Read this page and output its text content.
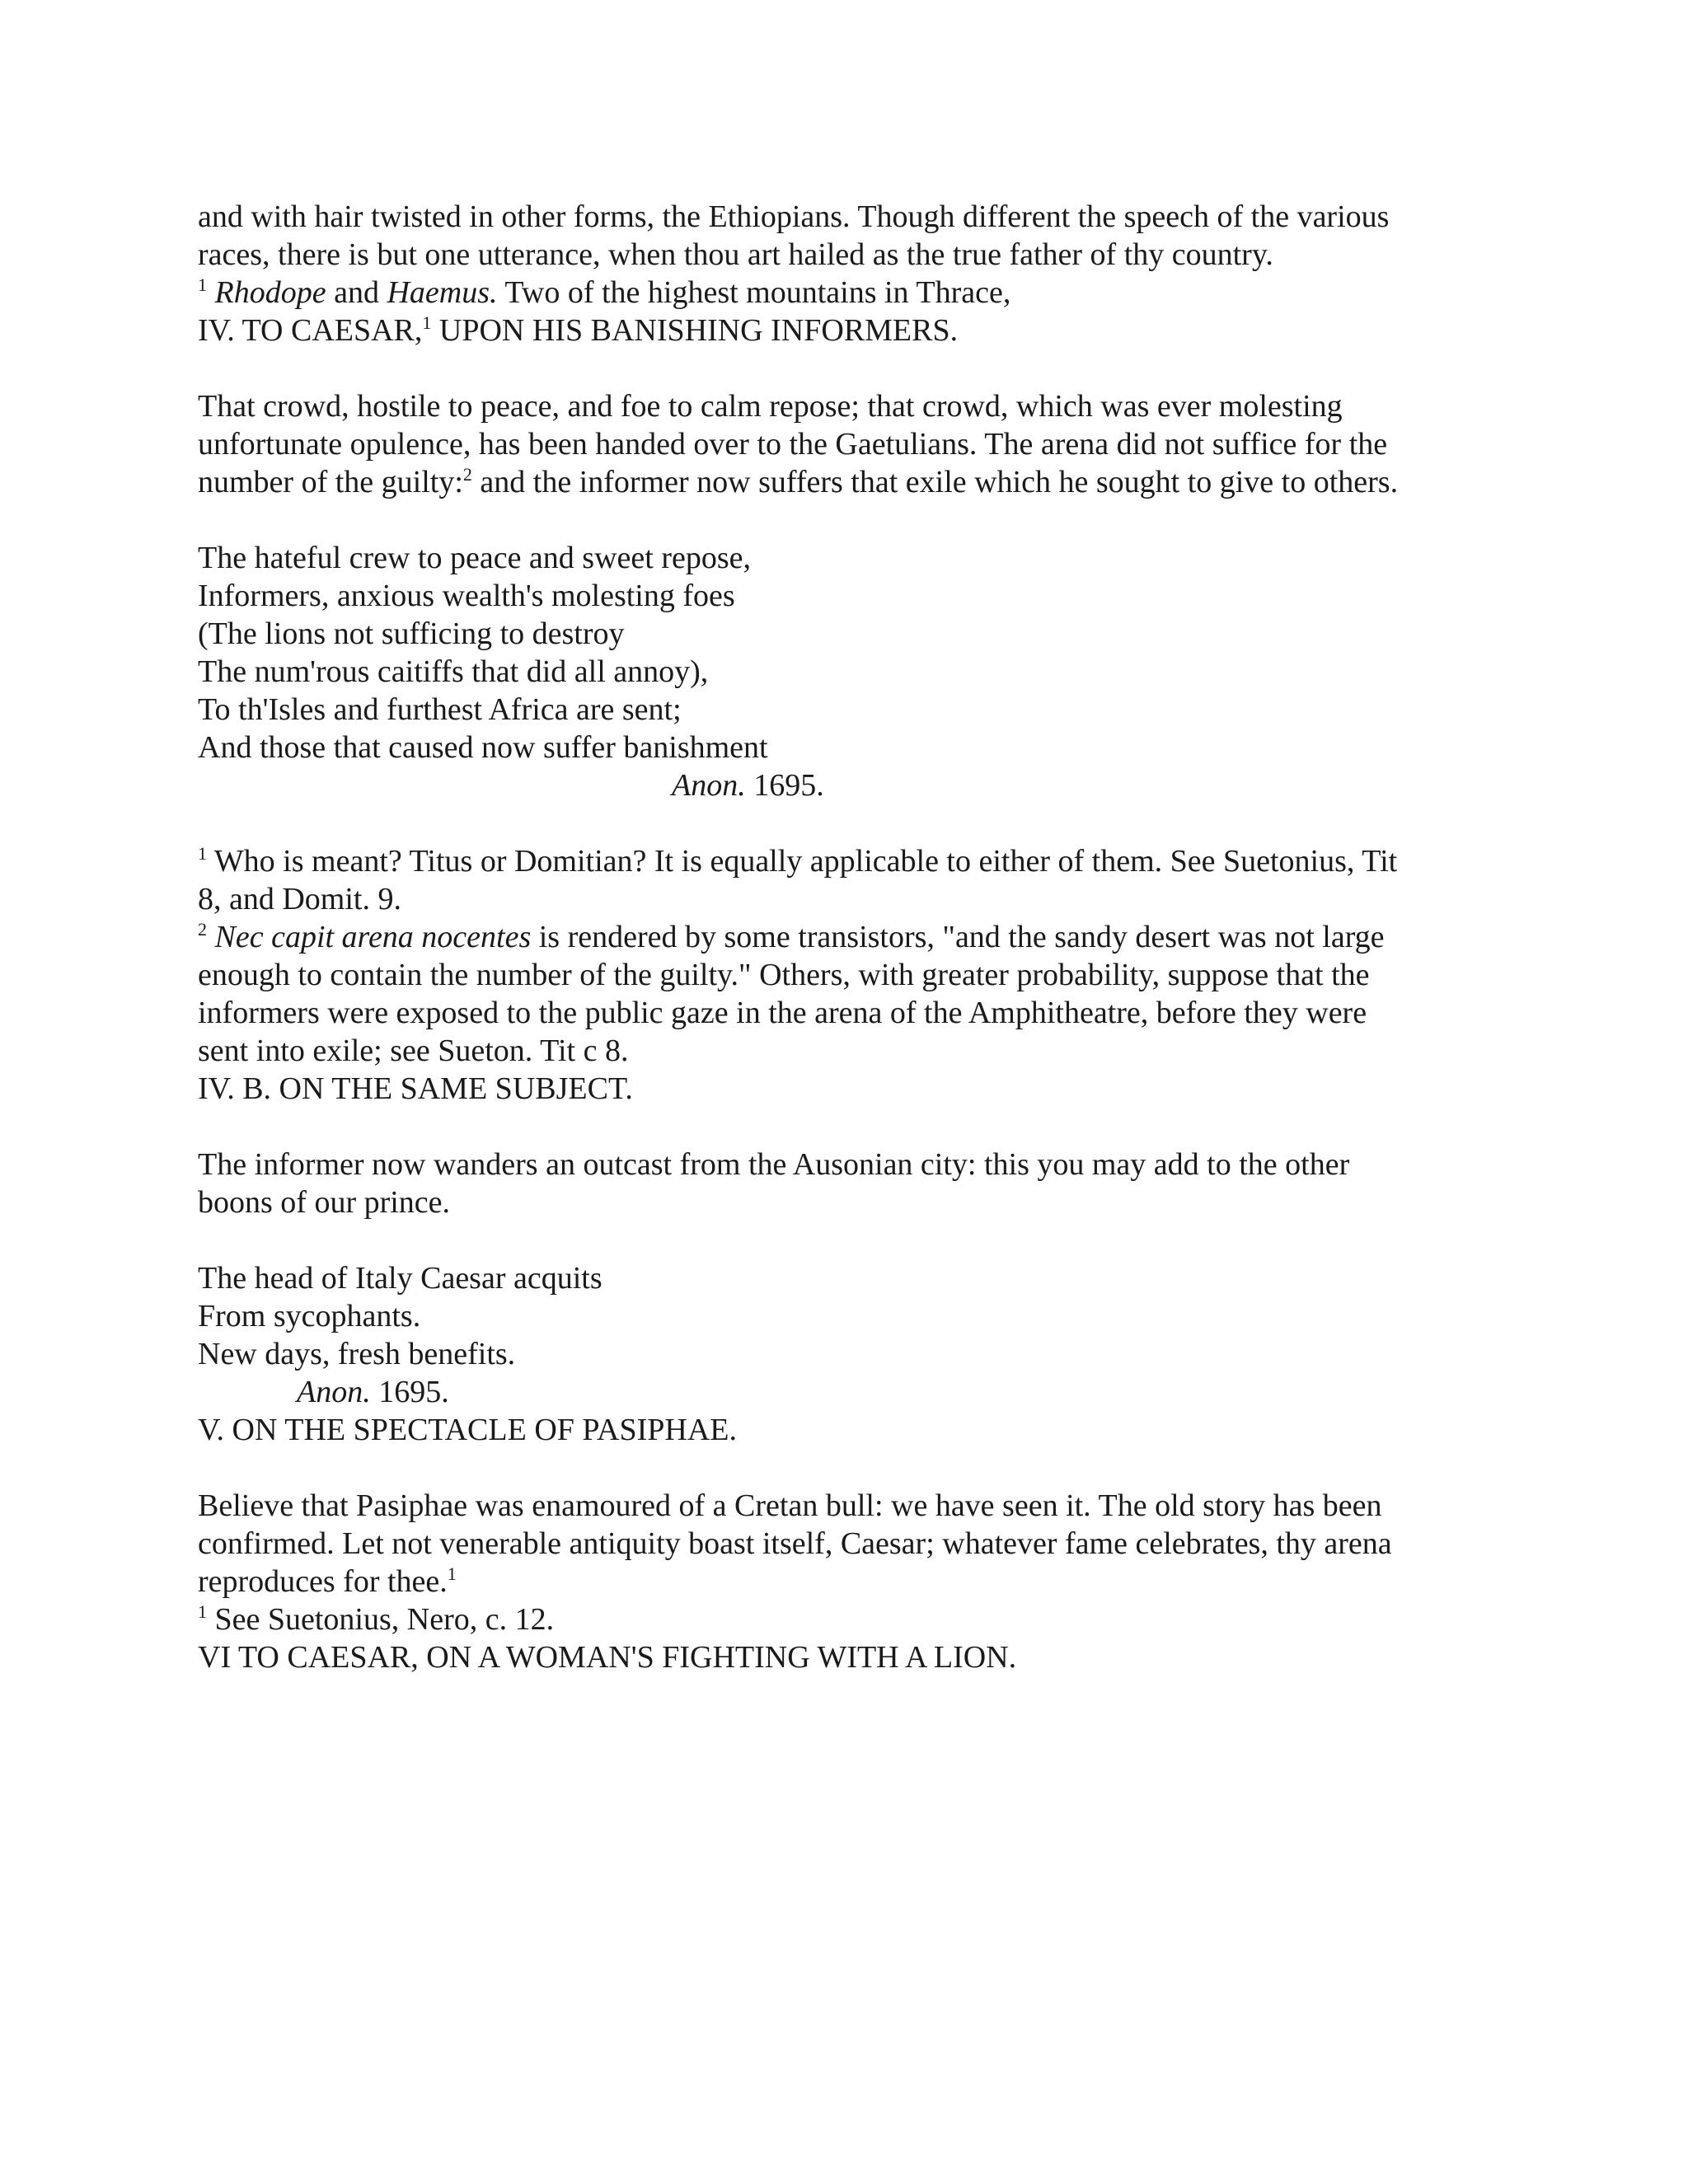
and with hair twisted in other forms, the Ethiopians. Though different the speech of the various

races, there is but one utterance, when thou art hailed as the true father of thy country.

$^1$ Rhodope and Haemus. Two of the highest mountains in Thrace,

IV. TO CAESAR,$^1$ UPON HIS BANISHING INFORMERS.

That crowd, hostile to peace, and foe to calm repose; that crowd, which was ever molesting

unfortunate opulence, has been handed over to the Gaetulians. The arena did not suffice for the

number of the guilty:$^2$ and the informer now suffers that exile which he sought to give to others.

The hateful crew to peace and sweet repose,

Informers, anxious wealth's molesting foes

(The lions not sufficing to destroy

The num'rous caitiffs that did all annoy),

To th'Isles and furthest Africa are sent;

And those that caused now suffer banishment

Anon. 1695.

$^1$ Who is meant? Titus or Domitian? It is equally applicable to either of them. See Suetonius, Tit

8, and Domit. 9.

$^2$ Nec capit arena nocentes is rendered by some transistors, "and the sandy desert was not large

enough to contain the number of the guilty." Others, with greater probability, suppose that the

informers were exposed to the public gaze in the arena of the Amphitheatre, before they were

sent into exile; see Sueton. Tit c 8.

IV. B. ON THE SAME SUBJECT.

The informer now wanders an outcast from the Ausonian city: this you may add to the other

boons of our prince.

The head of Italy Caesar acquits

From sycophants.

New days, fresh benefits.

Anon. 1695.

V. ON THE SPECTACLE OF PASIPHAE.

Believe that Pasiphae was enamoured of a Cretan bull: we have seen it. The old story has been

confirmed. Let not venerable antiquity boast itself, Caesar; whatever fame celebrates, thy arena

reproduces for thee.$^1$

$^1$ See Suetonius, Nero, c. 12.

VI TO CAESAR, ON A WOMAN'S FIGHTING WITH A LION.
